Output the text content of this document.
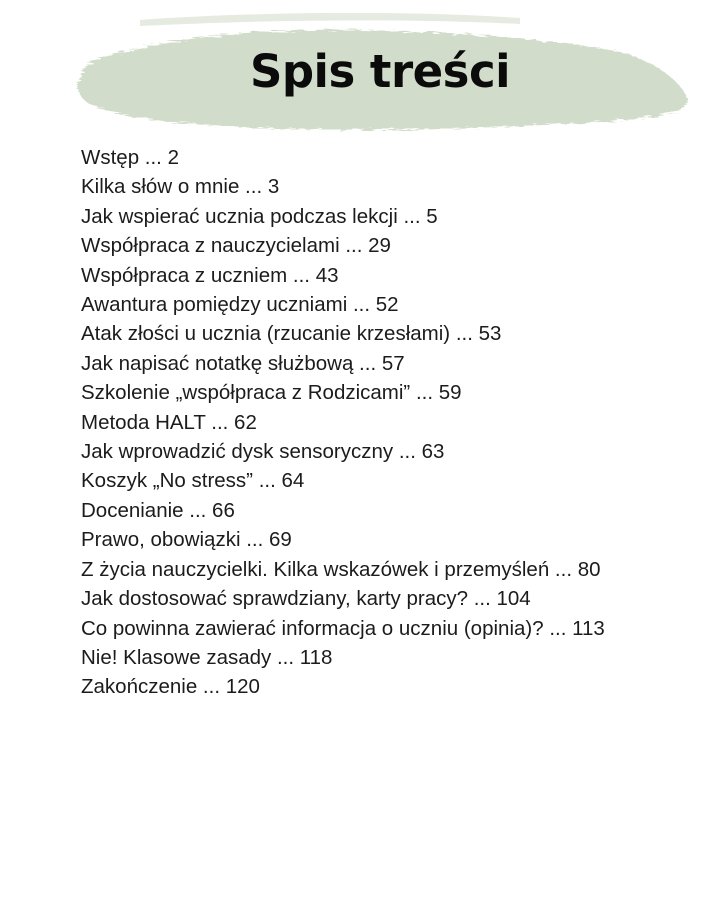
Spis treści
Wstęp ... 2
Kilka słów o mnie ... 3
Jak wspierać ucznia podczas lekcji ... 5
Współpraca z nauczycielami ... 29
Współpraca z uczniem ... 43
Awantura pomiędzy uczniami ... 52
Atak złości u ucznia (rzucanie krzesłami) ... 53
Jak napisać notatkę służbową ... 57
Szkolenie „współpraca z Rodzicami” ... 59
Metoda HALT ... 62
Jak wprowadzić dysk sensoryczny ... 63
Koszyk „No stress” ... 64
Docenianie ... 66
Prawo, obowiązki ... 69
Z życia nauczycielki. Kilka wskazówek i przemyśleń ... 80
Jak dostosować sprawdziany, karty pracy? ... 104
Co powinna zawierać informacja o uczniu (opinia)? ... 113
Nie! Klasowe zasady ... 118
Zakończenie ... 120
